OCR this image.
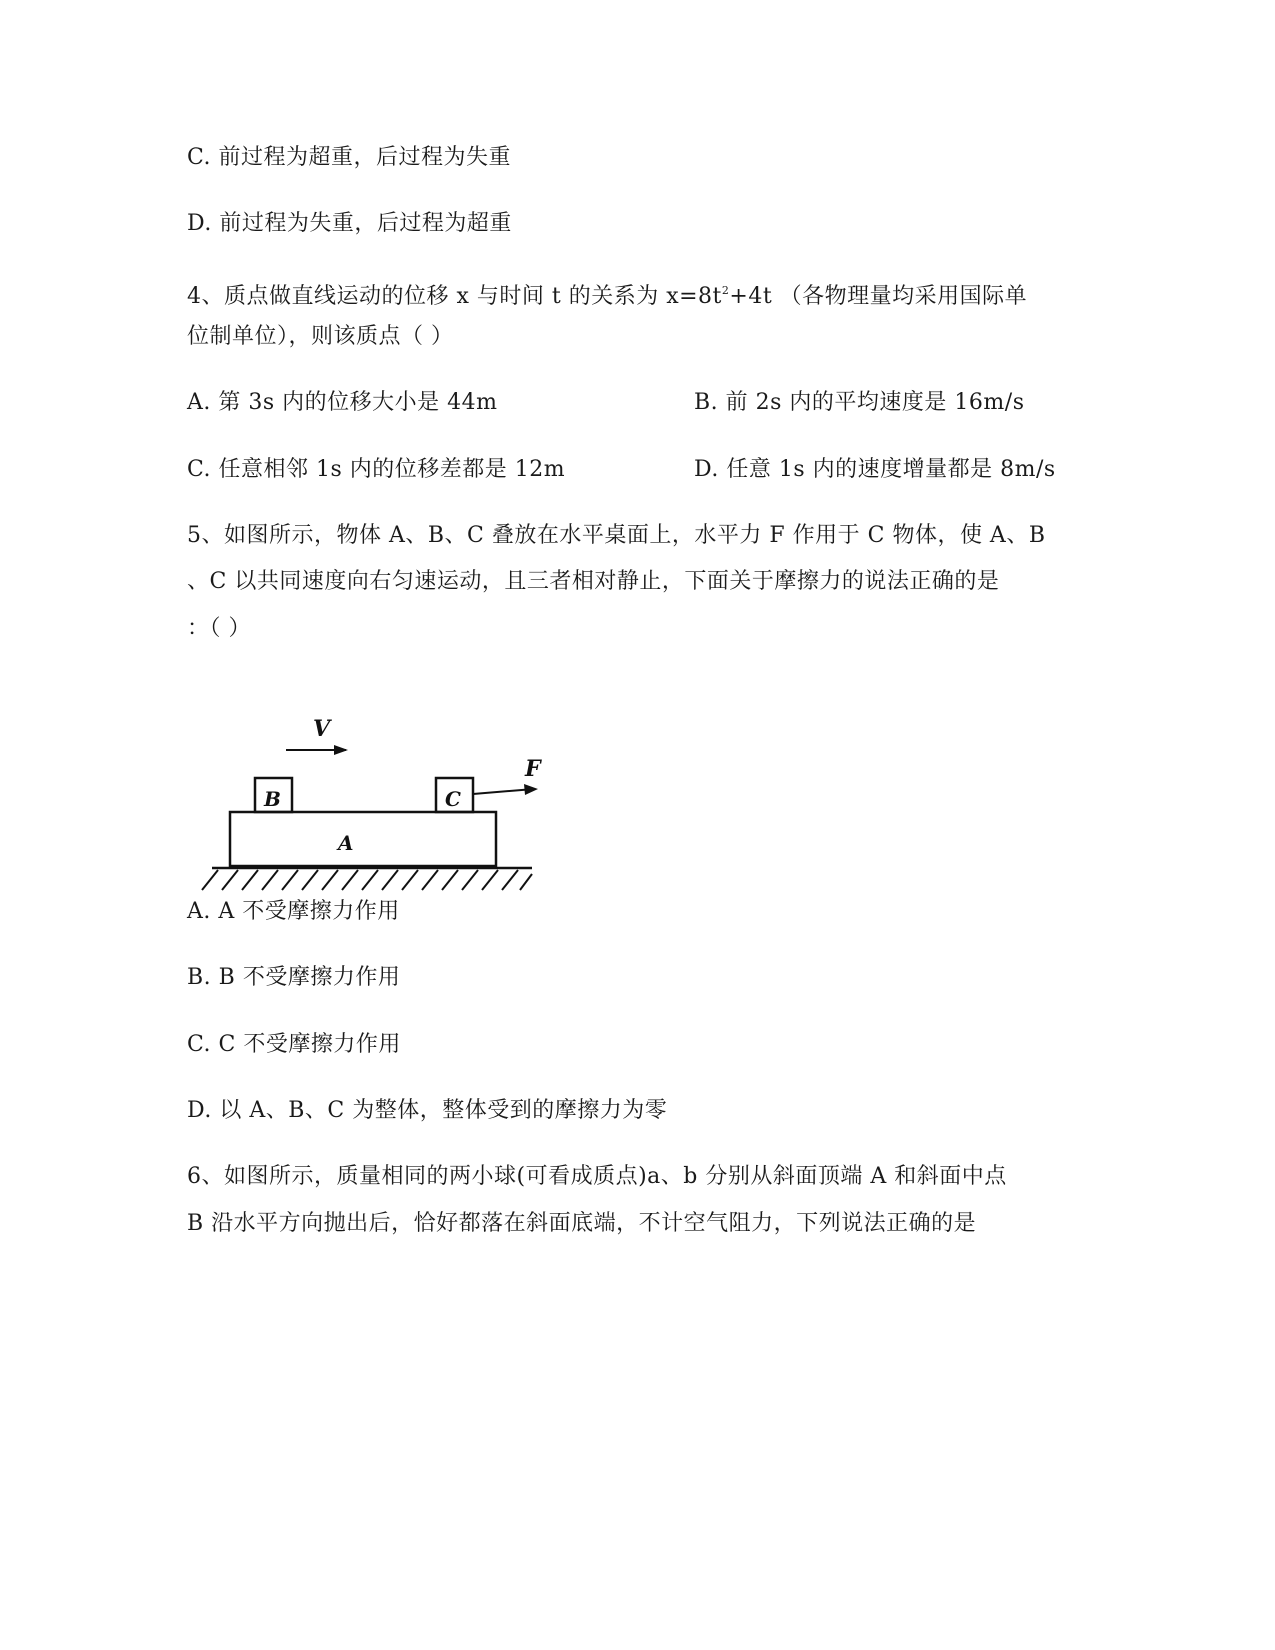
C. 前过程为超重，后过程为失重
D. 前过程为失重，后过程为超重
4、质点做直线运动的位移 x 与时间 t 的关系为 $x=8t^2+4t$ （各物理量均采用国际单
位制单位），则该质点（ ）
A. 第 3s 内的位移大小是 44m	B. 前 2s 内的平均速度是 16m/s
C. 任意相邻 1s 内的位移差都是 12m	D. 任意 1s 内的速度增量都是 8m/s
5、如图所示，物体 A、B、C 叠放在水平桌面上，水平力 F 作用于 C 物体，使 A、B
、C 以共同速度向右匀速运动，且三者相对静止，下面关于摩擦力的说法正确的是
：（ ）
V
B	C
F
A
A. A 不受摩擦力作用
B. B 不受摩擦力作用
C. C 不受摩擦力作用
D. 以 A、B、C 为整体，整体受到的摩擦力为零
6、如图所示，质量相同的两小球(可看成质点)a、b 分别从斜面顶端 A 和斜面中点
B 沿水平方向抛出后，恰好都落在斜面底端，不计空气阻力，下列说法正确的是
